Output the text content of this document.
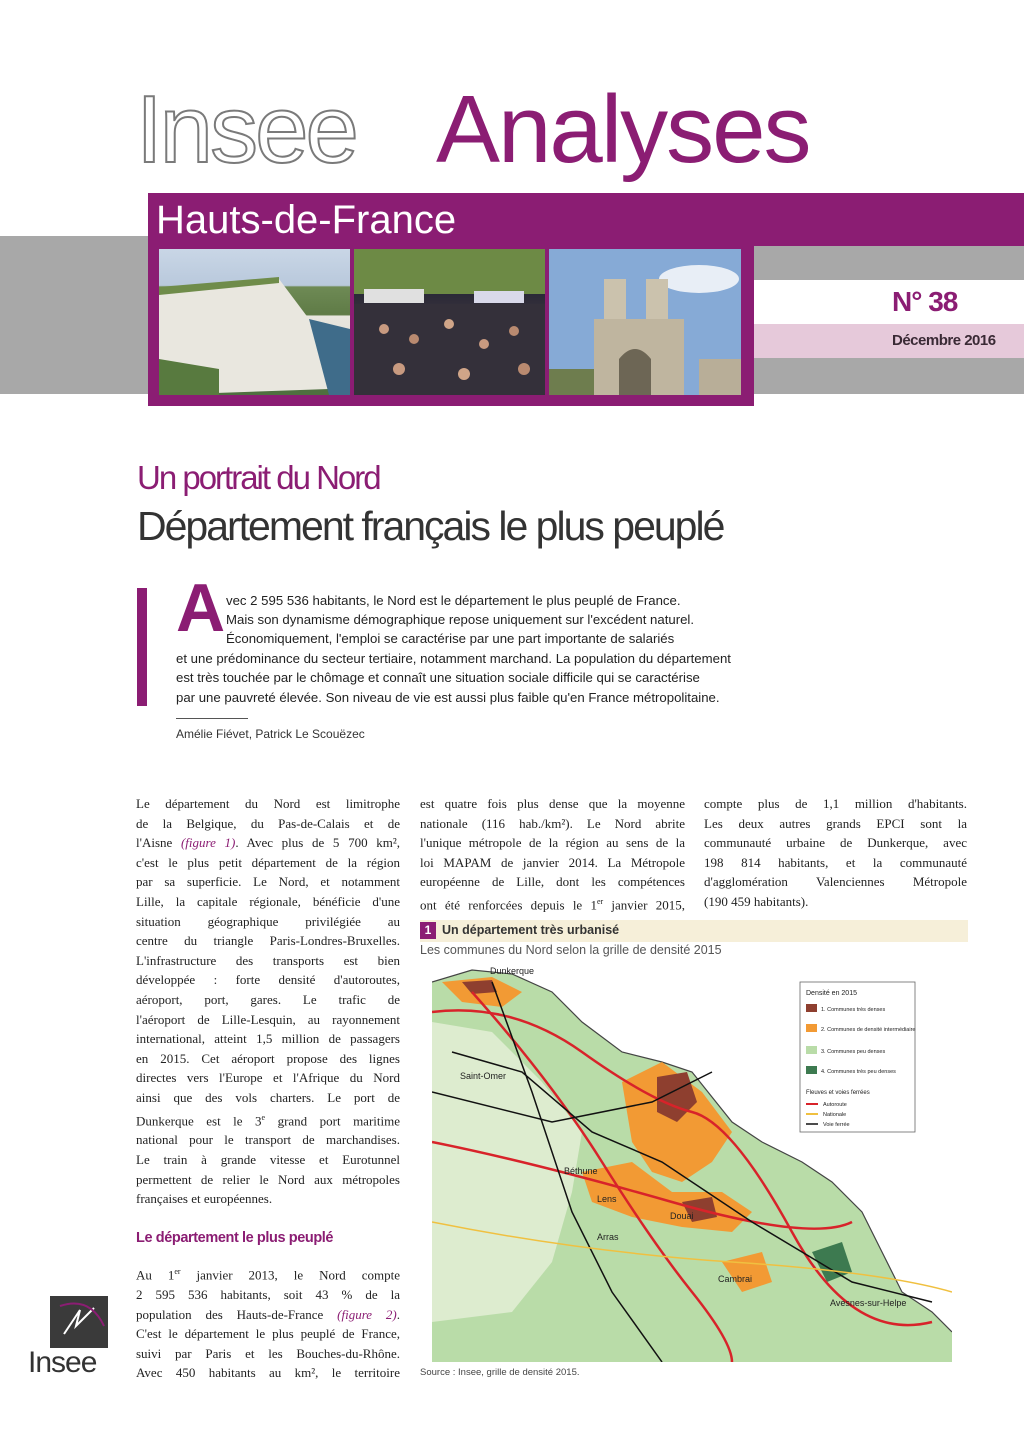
Insee Analyses
Hauts-de-France
N° 38
Décembre 2016
Un portrait du Nord
Département français le plus peuplé
A vec 2 595 536 habitants, le Nord est le département le plus peuplé de France.
Mais son dynamisme démographique repose uniquement sur l'excédent naturel.
Économiquement, l'emploi se caractérise par une part importante de salariés
et une prédominance du secteur tertiaire, notamment marchand. La population du département
est très touchée par le chômage et connaît une situation sociale difficile qui se caractérise
par une pauvreté élevée. Son niveau de vie est aussi plus faible qu'en France métropolitaine.
Amélie Fiévet, Patrick Le Scouëzec
Le département du Nord est limitrophe
de la Belgique, du Pas-de-Calais et de
l'Aisne (figure 1). Avec plus de 5 700 km²,
c'est le plus petit département de la région
par sa superficie. Le Nord, et notamment
Lille, la capitale régionale, bénéficie d'une
situation géographique privilégiée au
centre du triangle Paris-Londres-Bruxelles.
L'infrastructure des transports est bien
développée : forte densité d'autoroutes,
aéroport, port, gares. Le trafic de
l'aéroport de Lille-Lesquin, au rayonnement
international, atteint 1,5 million de passagers
en 2015. Cet aéroport propose des lignes
directes vers l'Europe et l'Afrique du Nord
ainsi que des vols charters. Le port de
Dunkerque est le 3e grand port maritime
national pour le transport de marchandises.
Le train à grande vitesse et Eurotunnel
permettent de relier le Nord aux métropoles
françaises et européennes.
Le département le plus peuplé
Au 1er janvier 2013, le Nord compte
2 595 536 habitants, soit 43 % de la
population des Hauts-de-France (figure 2).
C'est le département le plus peuplé de France,
suivi par Paris et les Bouches-du-Rhône.
Avec 450 habitants au km², le territoire
est quatre fois plus dense que la moyenne
nationale (116 hab./km²). Le Nord abrite
l'unique métropole de la région au sens de la
loi MAPAM de janvier 2014. La Métropole
européenne de Lille, dont les compétences
ont été renforcées depuis le 1er janvier 2015,
compte plus de 1,1 million d'habitants.
Les deux autres grands EPCI sont la
communauté urbaine de Dunkerque, avec
198 814 habitants, et la communauté
d'agglomération Valenciennes Métropole
(190 459 habitants).
1 Un département très urbanisé
Les communes du Nord selon la grille de densité 2015
Dunkerque
Saint-Omer
Béthune
Lens
Arras
Douai
Cambrai
Avesnes-sur-Helpe
Densité en 2015
1. Communes très denses
2. Communes de densité intermédiaire
3. Communes peu denses
4. Communes très peu denses
Fleuves et voies ferrées
Autoroute
Nationale
Voie ferrée
Source : Insee, grille de densité 2015.
Insee
